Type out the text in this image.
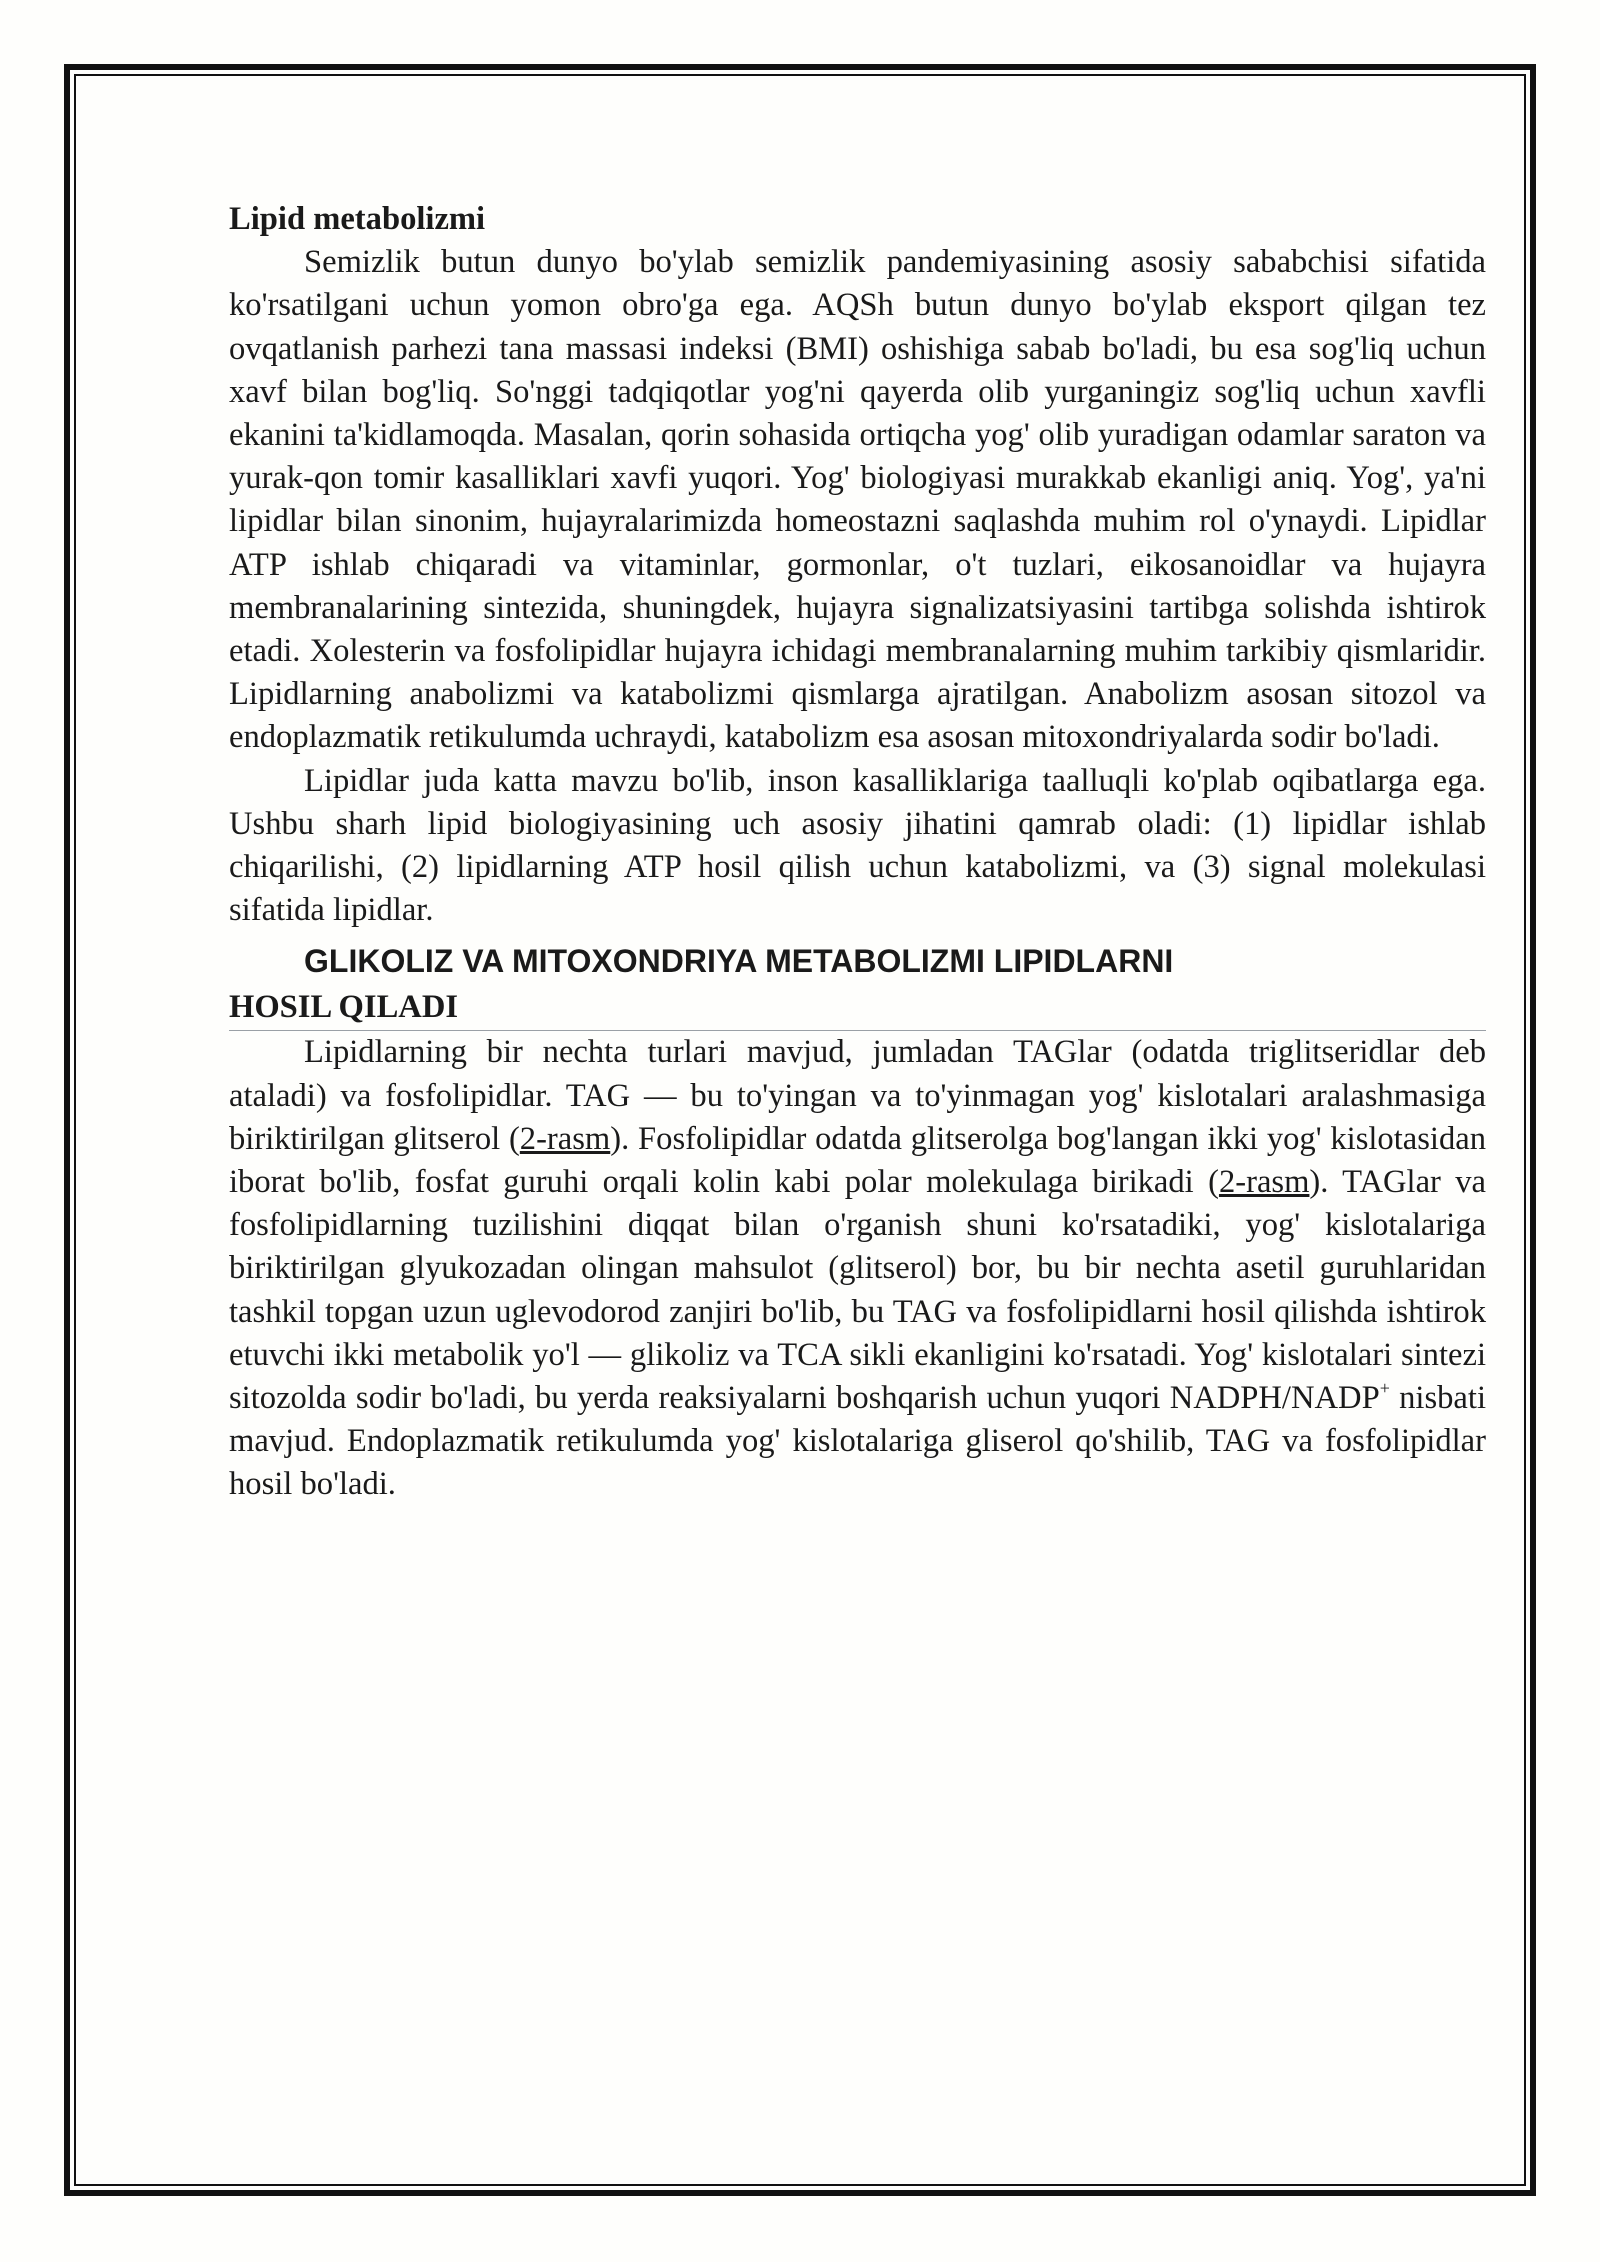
Lipid metabolizmi

Semizlik butun dunyo bo'ylab semizlik pandemiyasining asosiy sababchisi sifatida ko'rsatilgani uchun yomon obro'ga ega. AQSh butun dunyo bo'ylab eksport qilgan tez ovqatlanish parhezi tana massasi indeksi (BMI) oshishiga sabab bo'ladi, bu esa sog'liq uchun xavf bilan bog'liq. So'nggi tadqiqotlar yog'ni qayerda olib yurganingiz sog'liq uchun xavfli ekanini ta'kidlamoqda. Masalan, qorin sohasida ortiqcha yog' olib yuradigan odamlar saraton va yurak-qon tomir kasalliklari xavfi yuqori. Yog' biologiyasi murakkab ekanligi aniq. Yog', ya'ni lipidlar bilan sinonim, hujayralarimizda homeostazni saqlashda muhim rol o'ynaydi. Lipidlar ATP ishlab chiqaradi va vitaminlar, gormonlar, o't tuzlari, eikosanoidlar va hujayra membranalarining sintezida, shuningdek, hujayra signalizatsiyasini tartibga solishda ishtirok etadi. Xolesterin va fosfolipidlar hujayra ichidagi membranalarning muhim tarkibiy qismlaridir. Lipidlarning anabolizmi va katabolizmi qismlarga ajratilgan. Anabolizm asosan sitozol va endoplazmatik retikulumda uchraydi, katabolizm esa asosan mitoxondriyalarda sodir bo'ladi.

Lipidlar juda katta mavzu bo'lib, inson kasalliklariga taalluqli ko'plab oqibatlarga ega. Ushbu sharh lipid biologiyasining uch asosiy jihatini qamrab oladi: (1) lipidlar ishlab chiqarilishi, (2) lipidlarning ATP hosil qilish uchun katabolizmi, va (3) signal molekulasi sifatida lipidlar.

GLIKOLIZ VA MITOXONDRIYA METABOLIZMI LIPIDLARNI
HOSIL QILADI

Lipidlarning bir nechta turlari mavjud, jumladan TAGlar (odatda triglitseridlar deb ataladi) va fosfolipidlar. TAG — bu to'yingan va to'yinmagan yog' kislotalari aralashmasiga biriktirilgan glitserol (2-rasm). Fosfolipidlar odatda glitserolga bog'langan ikki yog' kislotasidan iborat bo'lib, fosfat guruhi orqali kolin kabi polar molekulaga birikadi (2-rasm). TAGlar va fosfolipidlarning tuzilishini diqqat bilan o'rganish shuni ko'rsatadiki, yog' kislotalariga biriktirilgan glyukozadan olingan mahsulot (glitserol) bor, bu bir nechta asetil guruhlaridan tashkil topgan uzun uglevodorod zanjiri bo'lib, bu TAG va fosfolipidlarni hosil qilishda ishtirok etuvchi ikki metabolik yo'l — glikoliz va TCA sikli ekanligini ko'rsatadi. Yog' kislotalari sintezi sitozolda sodir bo'ladi, bu yerda reaksiyalarni boshqarish uchun yuqori NADPH/NADP+ nisbati mavjud. Endoplazmatik retikulumda yog' kislotalariga gliserol qo'shilib, TAG va fosfolipidlar hosil bo'ladi.
